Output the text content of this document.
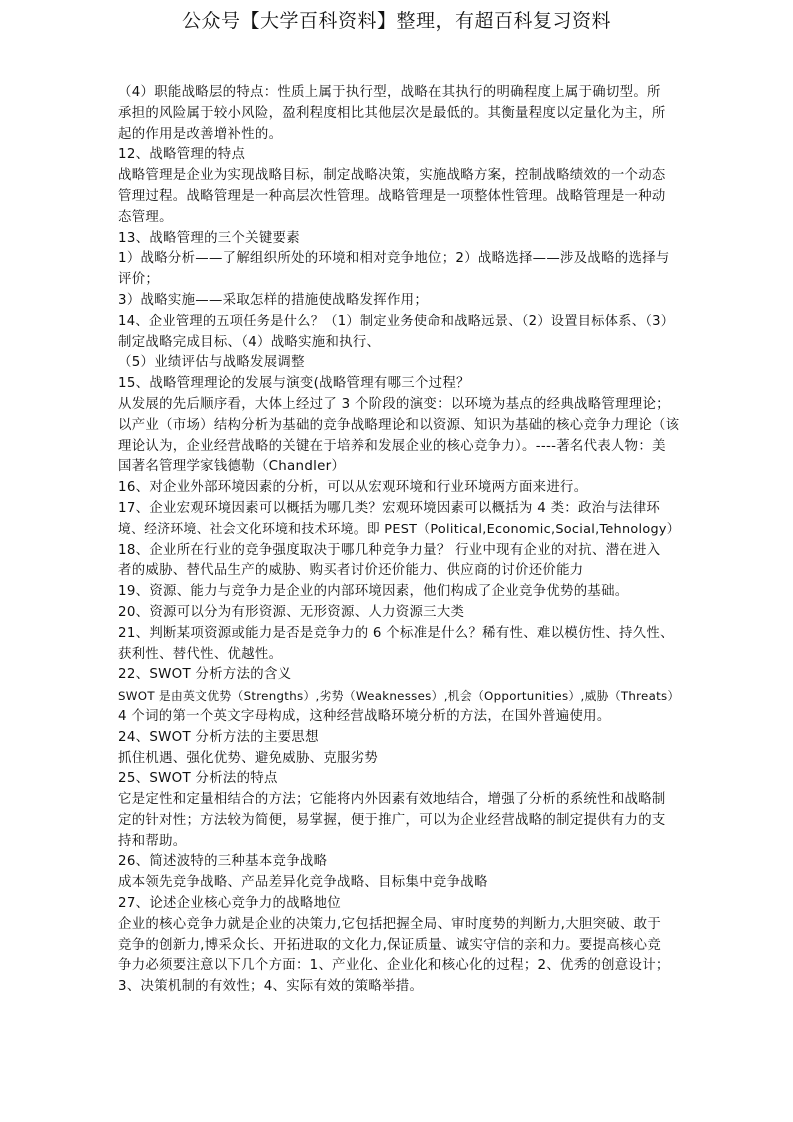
公众号【大学百科资料】整理，有超百科复习资料
（4）职能战略层的特点：性质上属于执行型，战略在其执行的明确程度上属于确切型。所
承担的风险属于较小风险，盈利程度相比其他层次是最低的。其衡量程度以定量化为主，所
起的作用是改善增补性的。
12、战略管理的特点
战略管理是企业为实现战略目标，制定战略决策，实施战略方案，控制战略绩效的一个动态
管理过程。战略管理是一种高层次性管理。战略管理是一项整体性管理。战略管理是一种动
态管理。
13、战略管理的三个关键要素
1）战略分析——了解组织所处的环境和相对竞争地位；2）战略选择——涉及战略的选择与
评价；
3）战略实施——采取怎样的措施使战略发挥作用；
14、企业管理的五项任务是什么？（1）制定业务使命和战略远景、（2）设置目标体系、（3）
制定战略完成目标、（4）战略实施和执行、
（5）业绩评估与战略发展调整
15、战略管理理论的发展与演变(战略管理有哪三个过程？
从发展的先后顺序看，大体上经过了 3 个阶段的演变：以环境为基点的经典战略管理理论；
以产业（市场）结构分析为基础的竞争战略理论和以资源、知识为基础的核心竞争力理论（该
理论认为，企业经营战略的关键在于培养和发展企业的核心竞争力）。----著名代表人物：美
国著名管理学家钱德勒（Chandler）
16、对企业外部环境因素的分析，可以从宏观环境和行业环境两方面来进行。
17、企业宏观环境因素可以概括为哪几类？宏观环境因素可以概括为 4 类：政治与法律环
境、经济环境、社会文化环境和技术环境。即 PEST（Political,Economic,Social,Tehnology）
18、企业所在行业的竞争强度取决于哪几种竞争力量？ 行业中现有企业的对抗、潜在进入
者的威胁、替代品生产的威胁、购买者讨价还价能力、供应商的讨价还价能力
19、资源、能力与竞争力是企业的内部环境因素，他们构成了企业竞争优势的基础。
20、资源可以分为有形资源、无形资源、人力资源三大类
21、判断某项资源或能力是否是竞争力的 6 个标准是什么？稀有性、难以模仿性、持久性、
获利性、替代性、优越性。
22、SWOT 分析方法的含义
SWOT 是由英文优势（Strengths）,劣势（Weaknesses）,机会（Opportunities）,威胁（Threats）
4 个词的第一个英文字母构成，这种经营战略环境分析的方法，在国外普遍使用。
24、SWOT 分析方法的主要思想
抓住机遇、强化优势、避免威胁、克服劣势
25、SWOT 分析法的特点
它是定性和定量相结合的方法；它能将内外因素有效地结合，增强了分析的系统性和战略制
定的针对性；方法较为简便，易掌握，便于推广，可以为企业经营战略的制定提供有力的支
持和帮助。
26、简述波特的三种基本竞争战略
成本领先竞争战略、产品差异化竞争战略、目标集中竞争战略
27、论述企业核心竞争力的战略地位
企业的核心竞争力就是企业的决策力,它包括把握全局、审时度势的判断力,大胆突破、敢于
竞争的创新力,博采众长、开拓进取的文化力,保证质量、诚实守信的亲和力。要提高核心竞
争力必须要注意以下几个方面：1、产业化、企业化和核心化的过程；2、优秀的创意设计；
3、决策机制的有效性；4、实际有效的策略举措。
